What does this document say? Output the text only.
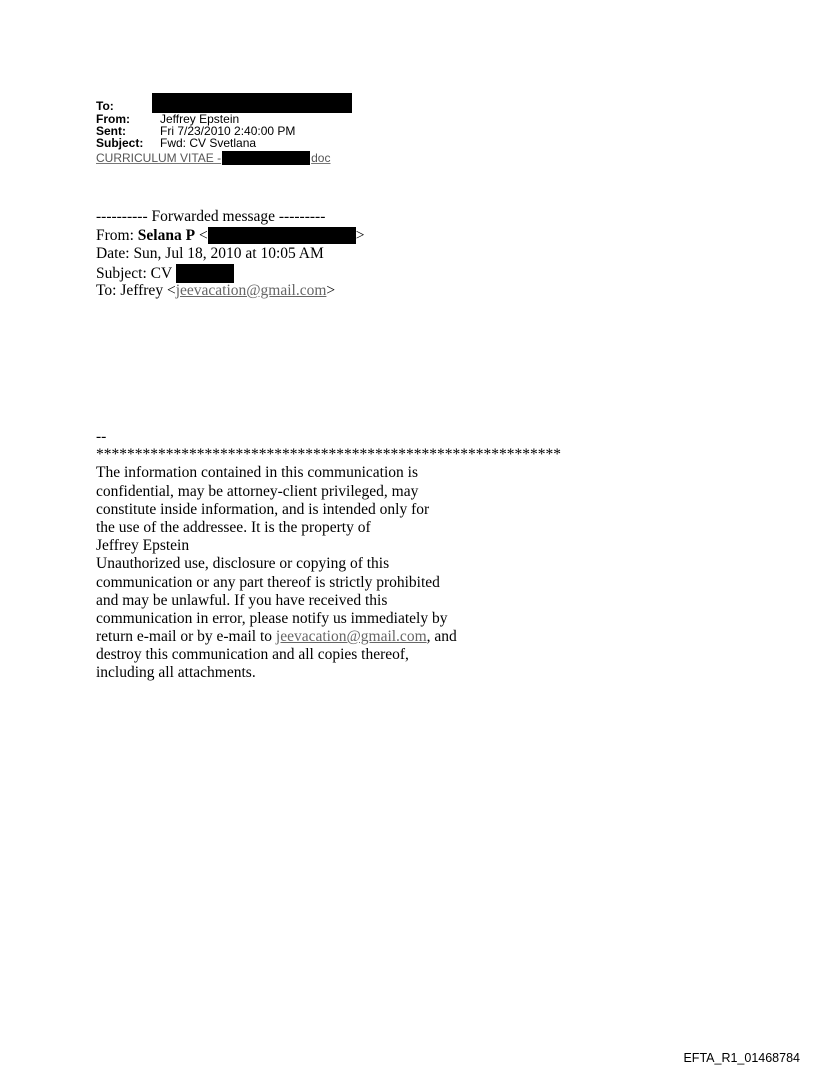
To:
From:	Jeffrey Epstein
Sent:	Fri 7/23/2010 2:40:00 PM
Subject: Fwd: CV Svetlana
CURRICULUM VITAE -	doc
---------- Forwarded message ---------
From: Selana P <	>
Date: Sun, Jul 18, 2010 at 10:05 AM
Subject: CV
To: Jeffrey <jeevacation@gmail.com>
--
************************************************************
The information contained in this communication is
confidential, may be attorney-client privileged, may
constitute inside information, and is intended only for
the use of the addressee. It is the property of
Jeffrey Epstein
Unauthorized use, disclosure or copying of this
communication or any part thereof is strictly prohibited
and may be unlawful. If you have received this
communication in error, please notify us immediately by
return e-mail or by e-mail to jeevacation@gmail.com, and
destroy this communication and all copies thereof,
including all attachments.
EFTA_R1_01468784
